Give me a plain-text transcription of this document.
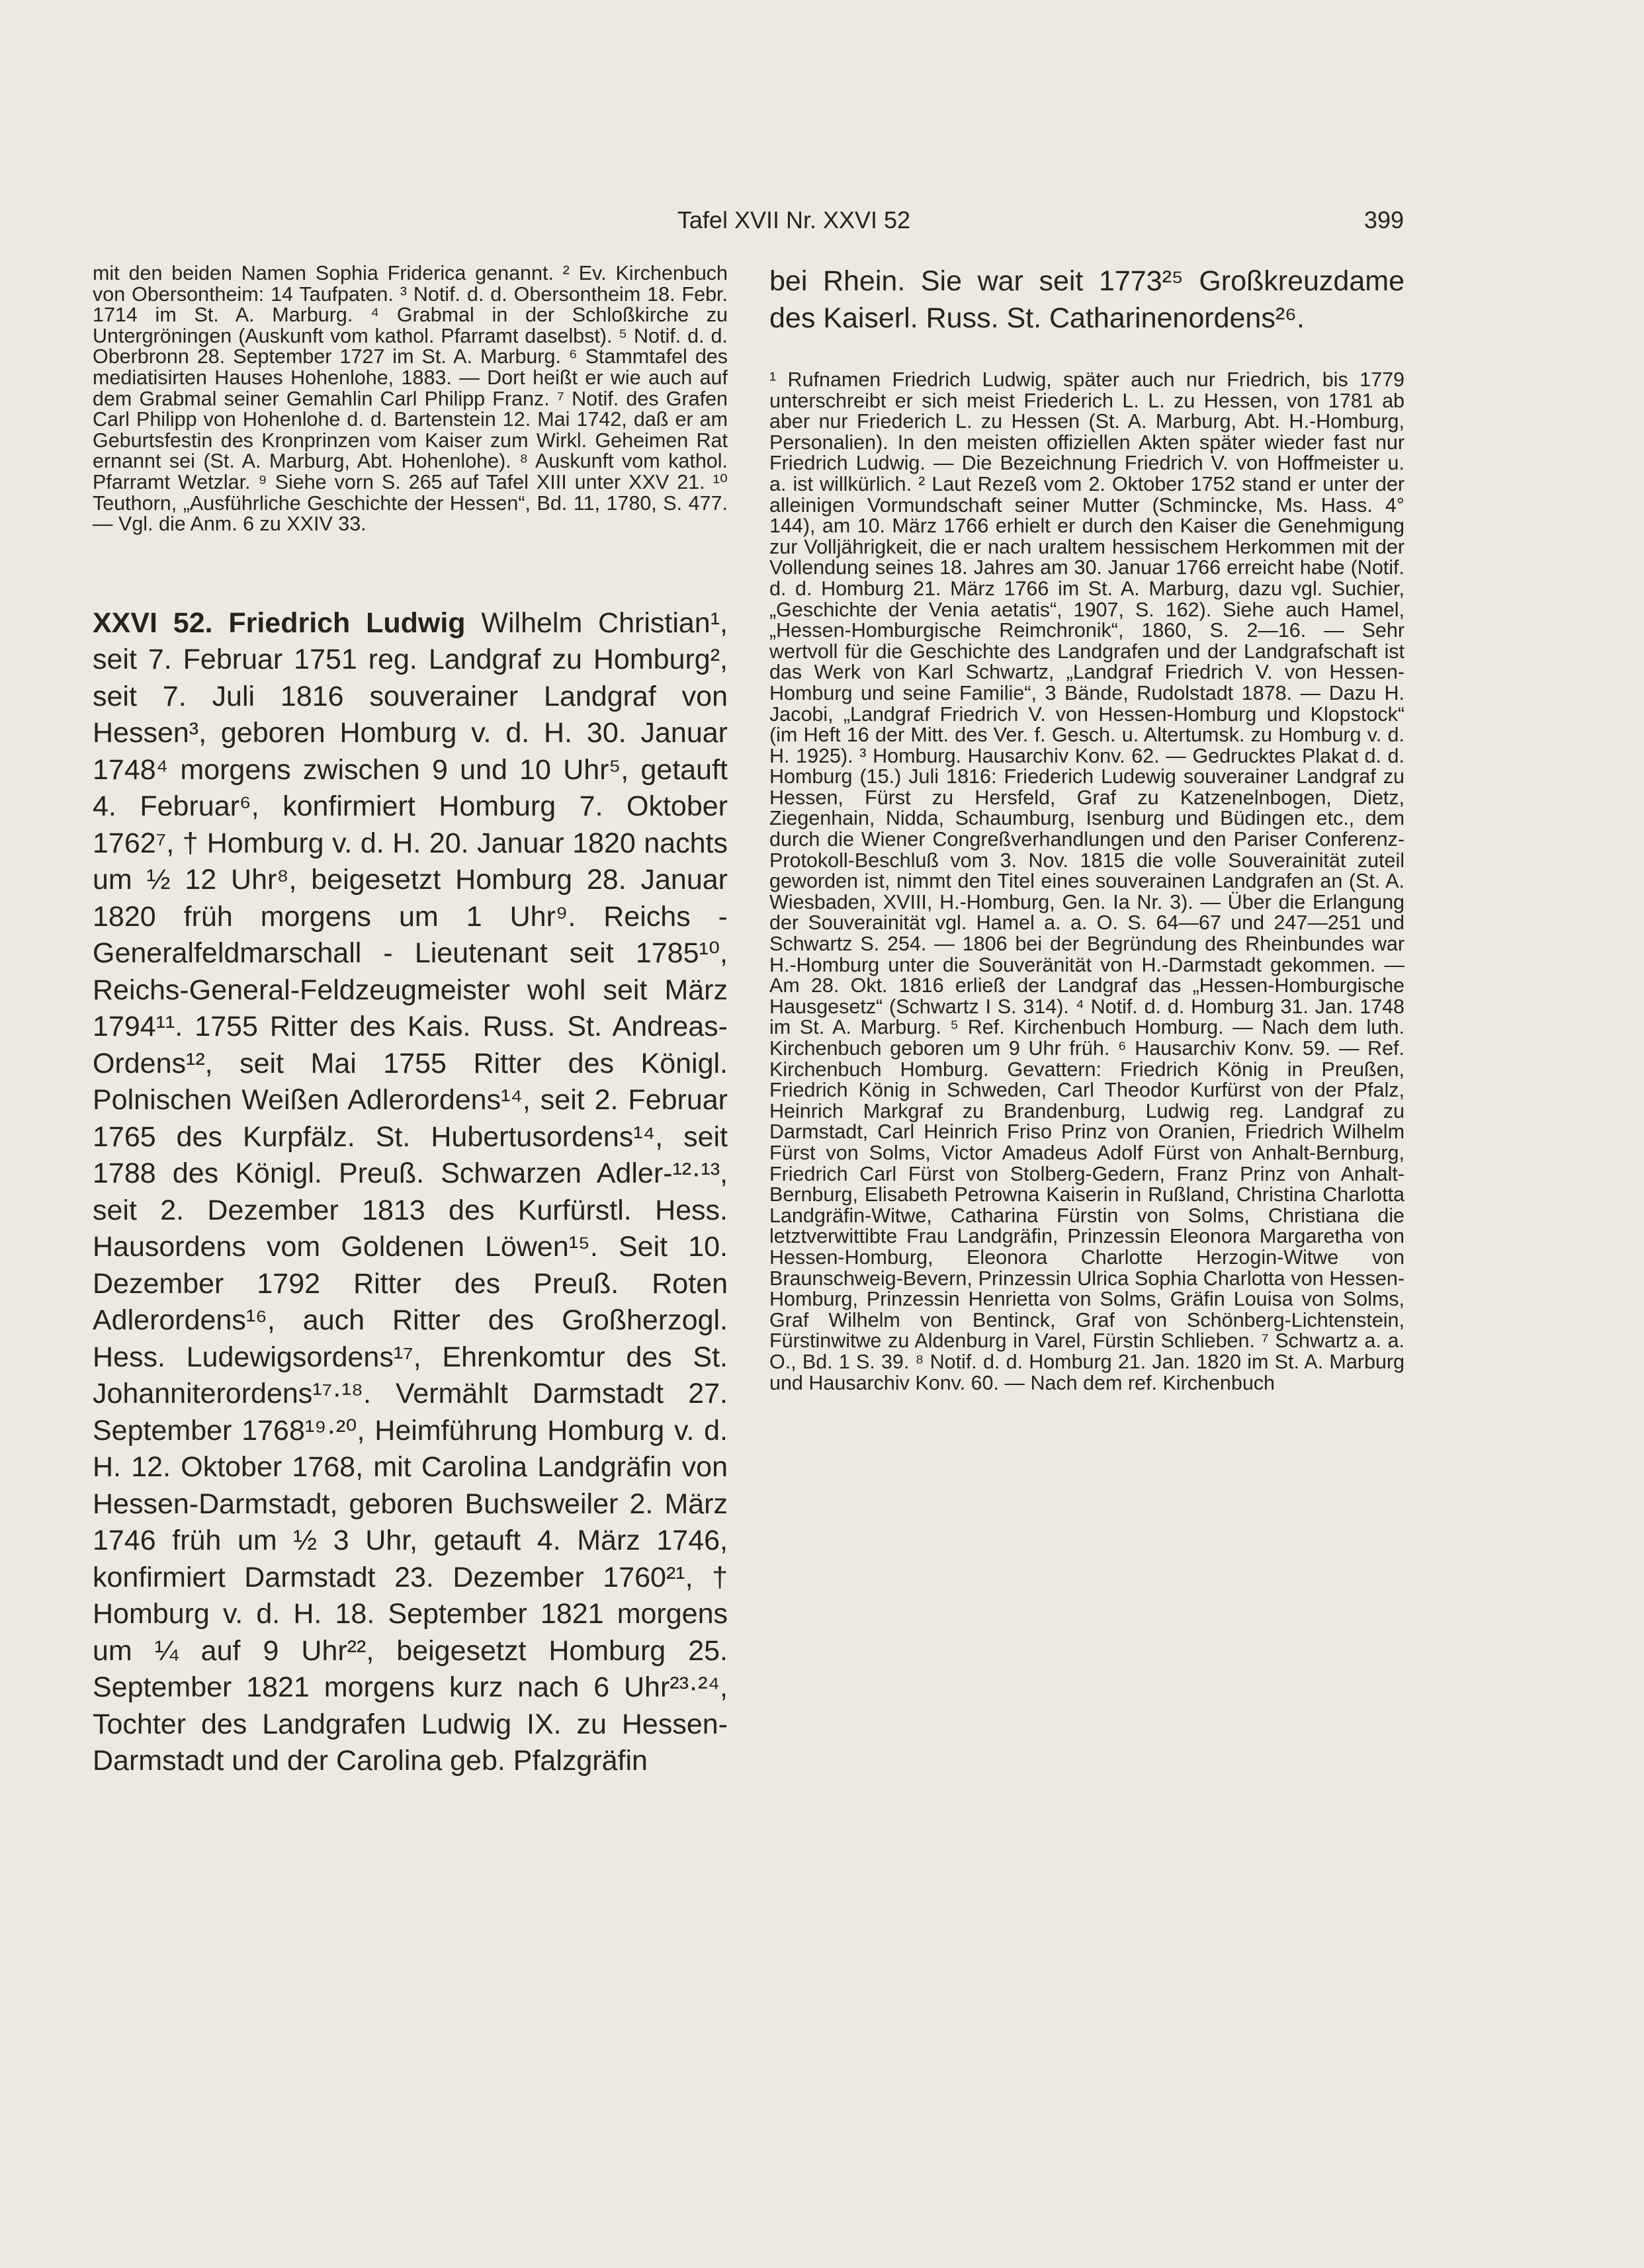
Tafel XVII Nr. XXVI 52	399

mit den beiden Namen Sophia Friderica genannt. ² Ev. Kirchenbuch von Obersontheim: 14 Taufpaten. ³ Notif. d. d. Obersontheim 18. Febr. 1714 im St. A. Marburg. ⁴ Grabmal in der Schloßkirche zu Untergröningen (Auskunft vom kathol. Pfarramt daselbst). ⁵ Notif. d. d. Oberbronn 28. September 1727 im St. A. Marburg. ⁶ Stammtafel des mediatisirten Hauses Hohenlohe, 1883. — Dort heißt er wie auch auf dem Grabmal seiner Gemahlin Carl Philipp Franz. ⁷ Notif. des Grafen Carl Philipp von Hohenlohe d. d. Bartenstein 12. Mai 1742, daß er am Geburtsfestin des Kronprinzen vom Kaiser zum Wirkl. Geheimen Rat ernannt sei (St. A. Marburg, Abt. Hohenlohe). ⁸ Auskunft vom kathol. Pfarramt Wetzlar. ⁹ Siehe vorn S. 265 auf Tafel XIII unter XXV 21. ¹⁰ Teuthorn, „Ausführliche Geschichte der Hessen“, Bd. 11, 1780, S. 477. — Vgl. die Anm. 6 zu XXIV 33.

XXVI 52. Friedrich Ludwig Wilhelm Christian¹, seit 7. Februar 1751 reg. Landgraf zu Homburg², seit 7. Juli 1816 souverainer Landgraf von Hessen³, geboren Homburg v. d. H. 30. Januar 1748⁴ morgens zwischen 9 und 10 Uhr⁵, getauft 4. Februar⁶, konfirmiert Homburg 7. Oktober 1762⁷, † Homburg v. d. H. 20. Januar 1820 nachts um ½ 12 Uhr⁸, beigesetzt Homburg 28. Januar 1820 früh morgens um 1 Uhr⁹. Reichs - Generalfeldmarschall - Lieutenant seit 1785¹⁰, Reichs-General-Feldzeugmeister wohl seit März 1794¹¹. 1755 Ritter des Kais. Russ. St. Andreas-Ordens¹², seit Mai 1755 Ritter des Königl. Polnischen Weißen Adlerordens¹⁴, seit 2. Februar 1765 des Kurpfälz. St. Hubertusordens¹⁴, seit 1788 des Königl. Preuß. Schwarzen Adler-¹²·¹³, seit 2. Dezember 1813 des Kurfürstl. Hess. Hausordens vom Goldenen Löwen¹⁵. Seit 10. Dezember 1792 Ritter des Preuß. Roten Adlerordens¹⁶, auch Ritter des Großherzogl. Hess. Ludewigsordens¹⁷, Ehrenkomtur des St. Johanniterordens¹⁷·¹⁸. Vermählt Darmstadt 27. September 1768¹⁹·²⁰, Heimführung Homburg v. d. H. 12. Oktober 1768, mit Carolina Landgräfin von Hessen-Darmstadt, geboren Buchsweiler 2. März 1746 früh um ½ 3 Uhr, getauft 4. März 1746, konfirmiert Darmstadt 23. Dezember 1760²¹, † Homburg v. d. H. 18. September 1821 morgens um ¼ auf 9 Uhr²², beigesetzt Homburg 25. September 1821 morgens kurz nach 6 Uhr²³·²⁴, Tochter des Landgrafen Ludwig IX. zu Hessen-Darmstadt und der Carolina geb. Pfalzgräfin

bei Rhein. Sie war seit 1773²⁵ Großkreuzdame des Kaiserl. Russ. St. Catharinenordens²⁶.

¹ Rufnamen Friedrich Ludwig, später auch nur Friedrich, bis 1779 unterschreibt er sich meist Friederich L. L. zu Hessen, von 1781 ab aber nur Friederich L. zu Hessen (St. A. Marburg, Abt. H.-Homburg, Personalien). In den meisten offiziellen Akten später wieder fast nur Friedrich Ludwig. — Die Bezeichnung Friedrich V. von Hoffmeister u. a. ist willkürlich. ² Laut Rezeß vom 2. Oktober 1752 stand er unter der alleinigen Vormundschaft seiner Mutter (Schmincke, Ms. Hass. 4° 144), am 10. März 1766 erhielt er durch den Kaiser die Genehmigung zur Volljährigkeit, die er nach uraltem hessischem Herkommen mit der Vollendung seines 18. Jahres am 30. Januar 1766 erreicht habe (Notif. d. d. Homburg 21. März 1766 im St. A. Marburg, dazu vgl. Suchier, „Geschichte der Venia aetatis“, 1907, S. 162). Siehe auch Hamel, „Hessen-Homburgische Reimchronik“, 1860, S. 2—16. — Sehr wertvoll für die Geschichte des Landgrafen und der Landgrafschaft ist das Werk von Karl Schwartz, „Landgraf Friedrich V. von Hessen-Homburg und seine Familie“, 3 Bände, Rudolstadt 1878. — Dazu H. Jacobi, „Landgraf Friedrich V. von Hessen-Homburg und Klopstock“ (im Heft 16 der Mitt. des Ver. f. Gesch. u. Altertumsk. zu Homburg v. d. H. 1925). ³ Homburg. Hausarchiv Konv. 62. — Gedrucktes Plakat d. d. Homburg (15.) Juli 1816: Friederich Ludewig souverainer Landgraf zu Hessen, Fürst zu Hersfeld, Graf zu Katzenelnbogen, Dietz, Ziegenhain, Nidda, Schaumburg, Isenburg und Büdingen etc., dem durch die Wiener Congreßverhandlungen und den Pariser Conferenz-Protokoll-Beschluß vom 3. Nov. 1815 die volle Souverainität zuteil geworden ist, nimmt den Titel eines souverainen Landgrafen an (St. A. Wiesbaden, XVIII, H.-Homburg, Gen. Ia Nr. 3). — Über die Erlangung der Souverainität vgl. Hamel a. a. O. S. 64—67 und 247—251 und Schwartz S. 254. — 1806 bei der Begründung des Rheinbundes war H.-Homburg unter die Souveränität von H.-Darmstadt gekommen. — Am 28. Okt. 1816 erließ der Landgraf das „Hessen-Homburgische Hausgesetz“ (Schwartz I S. 314). ⁴ Notif. d. d. Homburg 31. Jan. 1748 im St. A. Marburg. ⁵ Ref. Kirchenbuch Homburg. — Nach dem luth. Kirchenbuch geboren um 9 Uhr früh. ⁶ Hausarchiv Konv. 59. — Ref. Kirchenbuch Homburg. Gevattern: Friedrich König in Preußen, Friedrich König in Schweden, Carl Theodor Kurfürst von der Pfalz, Heinrich Markgraf zu Brandenburg, Ludwig reg. Landgraf zu Darmstadt, Carl Heinrich Friso Prinz von Oranien, Friedrich Wilhelm Fürst von Solms, Victor Amadeus Adolf Fürst von Anhalt-Bernburg, Friedrich Carl Fürst von Stolberg-Gedern, Franz Prinz von Anhalt-Bernburg, Elisabeth Petrowna Kaiserin in Rußland, Christina Charlotta Landgräfin-Witwe, Catharina Fürstin von Solms, Christiana die letztverwittibte Frau Landgräfin, Prinzessin Eleonora Margaretha von Hessen-Homburg, Eleonora Charlotte Herzogin-Witwe von Braunschweig-Bevern, Prinzessin Ulrica Sophia Charlotta von Hessen-Homburg, Prinzessin Henrietta von Solms, Gräfin Louisa von Solms, Graf Wilhelm von Bentinck, Graf von Schönberg-Lichtenstein, Fürstinwitwe zu Aldenburg in Varel, Fürstin Schlieben. ⁷ Schwartz a. a. O., Bd. 1 S. 39. ⁸ Notif. d. d. Homburg 21. Jan. 1820 im St. A. Marburg und Hausarchiv Konv. 60. — Nach dem ref. Kirchenbuch
